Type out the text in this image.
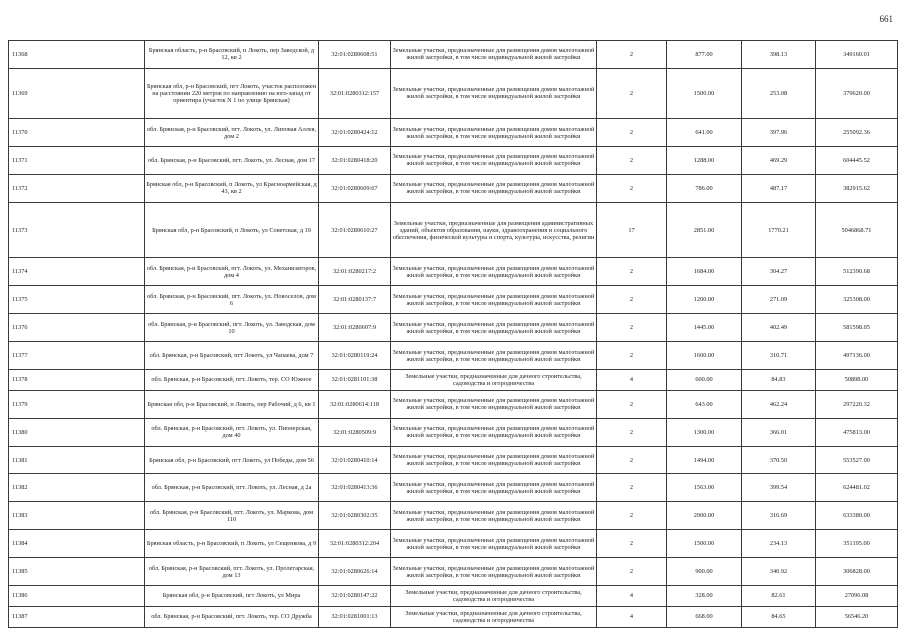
661
11368	Брянская область, р-н Брасовский, п Локоть, пер Заводской, д 12, кв 2	32:01:0280608:51	Земельные участки, предназначенные для размещения домов малоэтажной жилой застройки, в том числе индивидуальной жилой застройки	2	877.00	398.13	349160.01
11369	Брянская обл, р-н Брасовский, пгт Локоть, участок расположен на расстоянии 220 метров по направлению на юго-запад от ориентира (участок N 1 по улице Брянская)	32:01:0280312:157	Земельные участки, предназначенные для размещения домов малоэтажной жилой застройки, в том числе индивидуальной жилой застройки	2	1500.00	253.08	379620.00
11370	обл. Брянская, р-н Брасовский, пгт. Локоть, ул. Липовая Аллея, дом 2	32:01:0280424:12	Земельные участки, предназначенные для размещения домов малоэтажной жилой застройки, в том числе индивидуальной жилой застройки	2	641.00	397.96	255092.36
11371	обл. Брянская, р-н Брасовский, пгт. Локоть, ул. Лесная, дом 17	32:01:0280418:20	Земельные участки, предназначенные для размещения домов малоэтажной жилой застройки, в том числе индивидуальной жилой застройки	2	1288.00	469.29	604445.52
11372	Брянская обл, р-н Брасовский, п Локоть, ул Красноармейская, д 43, кв 2	32:01:0280609:67	Земельные участки, предназначенные для размещения домов малоэтажной жилой застройки, в том числе индивидуальной жилой застройки	2	786.00	487.17	382915.62
11373	Брянская обл, р-н Брасовский, п Локоть, ул Советская, д 19	32:01:0280610:27	Земельные участки, предназначенные для размещения административных зданий, объектов образования, науки, здравоохранения и социального обеспечения, физической культуры и спорта, культуры, искусства, религии	17	2851.00	1770.21	5046868.71
11374	обл. Брянская, р-н Брасовский, пгт. Локоть, ул. Механизаторов, дом 4	32:01:0280217:2	Земельные участки, предназначенные для размещения домов малоэтажной жилой застройки, в том числе индивидуальной жилой застройки	2	1684.00	304.27	512390.68
11375	обл. Брянская, р-н Брасовский, пгт. Локоть, ул. Новоселов, дом 6	32:01:0280137:7	Земельные участки, предназначенные для размещения домов малоэтажной жилой застройки, в том числе индивидуальной жилой застройки	2	1200.00	271.09	325308.00
11376	обл. Брянская, р-н Брасовский, пгт. Локоть, ул. Заводская, дом 10	32:01:0280607:9	Земельные участки, предназначенные для размещения домов малоэтажной жилой застройки, в том числе индивидуальной жилой застройки	2	1445.00	402.49	581598.05
11377	обл. Брянская, р-н Брасовский, пгт Локоть, ул Чапаева, дом 7	32:01:0280119:24	Земельные участки, предназначенные для размещения домов малоэтажной жилой застройки, в том числе индивидуальной жилой застройки	2	1600.00	310.71	497136.00
11378	обл. Брянская, р-н Брасовский, пгт. Локоть, тер. СО Южное	32:01:0281101:38	Земельные участки, предназначенные для дачного строительства, садоводства и огородничества	4	600.00	84.83	50898.00
11379	Брянская обл, р-н Брасовский, п Локоть, пер Рабочий, д 6, кв 1	32:01:0280614:118	Земельные участки, предназначенные для размещения домов малоэтажной жилой застройки, в том числе индивидуальной жилой застройки	2	643.00	462.24	297220.32
11380	обл. Брянская, р-н Брасовский, пгт. Локоть, ул. Пионерская, дом 40	32:01:0280509:9	Земельные участки, предназначенные для размещения домов малоэтажной жилой застройки, в том числе индивидуальной жилой застройки	2	1300.00	366.01	475813.00
11381	Брянская обл, р-н Брасовский, пгт Локоть, ул Победы, дом 56	32:01:0280410:14	Земельные участки, предназначенные для размещения домов малоэтажной жилой застройки, в том числе индивидуальной жилой застройки	2	1494.00	370.50	553527.00
11382	обл. Брянская, р-н Брасовский, пгт. Локоть, ул. Лесная, д 2а	32:01:0280413:36	Земельные участки, предназначенные для размещения домов малоэтажной жилой застройки, в том числе индивидуальной жилой застройки	2	1563.00	399.54	624481.02
11383	обл. Брянская, р-н Брасовский, пгт. Локоть, ул. Маркова, дом 110	32:01:0280302:35	Земельные участки, предназначенные для размещения домов малоэтажной жилой застройки, в том числе индивидуальной жилой застройки	2	2000.00	316.69	633380.00
11384	Брянская область, р-н Брасовский, п Локоть, ул Сещенкова, д 9	32:01:0280312:204	Земельные участки, предназначенные для размещения домов малоэтажной жилой застройки, в том числе индивидуальной жилой застройки	2	1500.00	234.13	351195.00
11385	обл. Брянская, р-н Брасовский, пгт. Локоть, ул. Пролетарская, дом 13	32:01:0280626:14	Земельные участки, предназначенные для размещения домов малоэтажной жилой застройки, в том числе индивидуальной жилой застройки	2	900.00	340.92	306828.00
11386	Брянская обл, р-н Брасовский, пгт Локоть, ул Мира	32:01:0280147:22	Земельные участки, предназначенные для дачного строительства, садоводства и огородничества	4	328.00	82.61	27096.08
11387	обл. Брянская, р-н Брасовский, пгт. Локоть, тер. СО Дружба	32:01:0281001:13	Земельные участки, предназначенные для дачного строительства, садоводства и огородничества	4	668.00	84.65	56546.20
